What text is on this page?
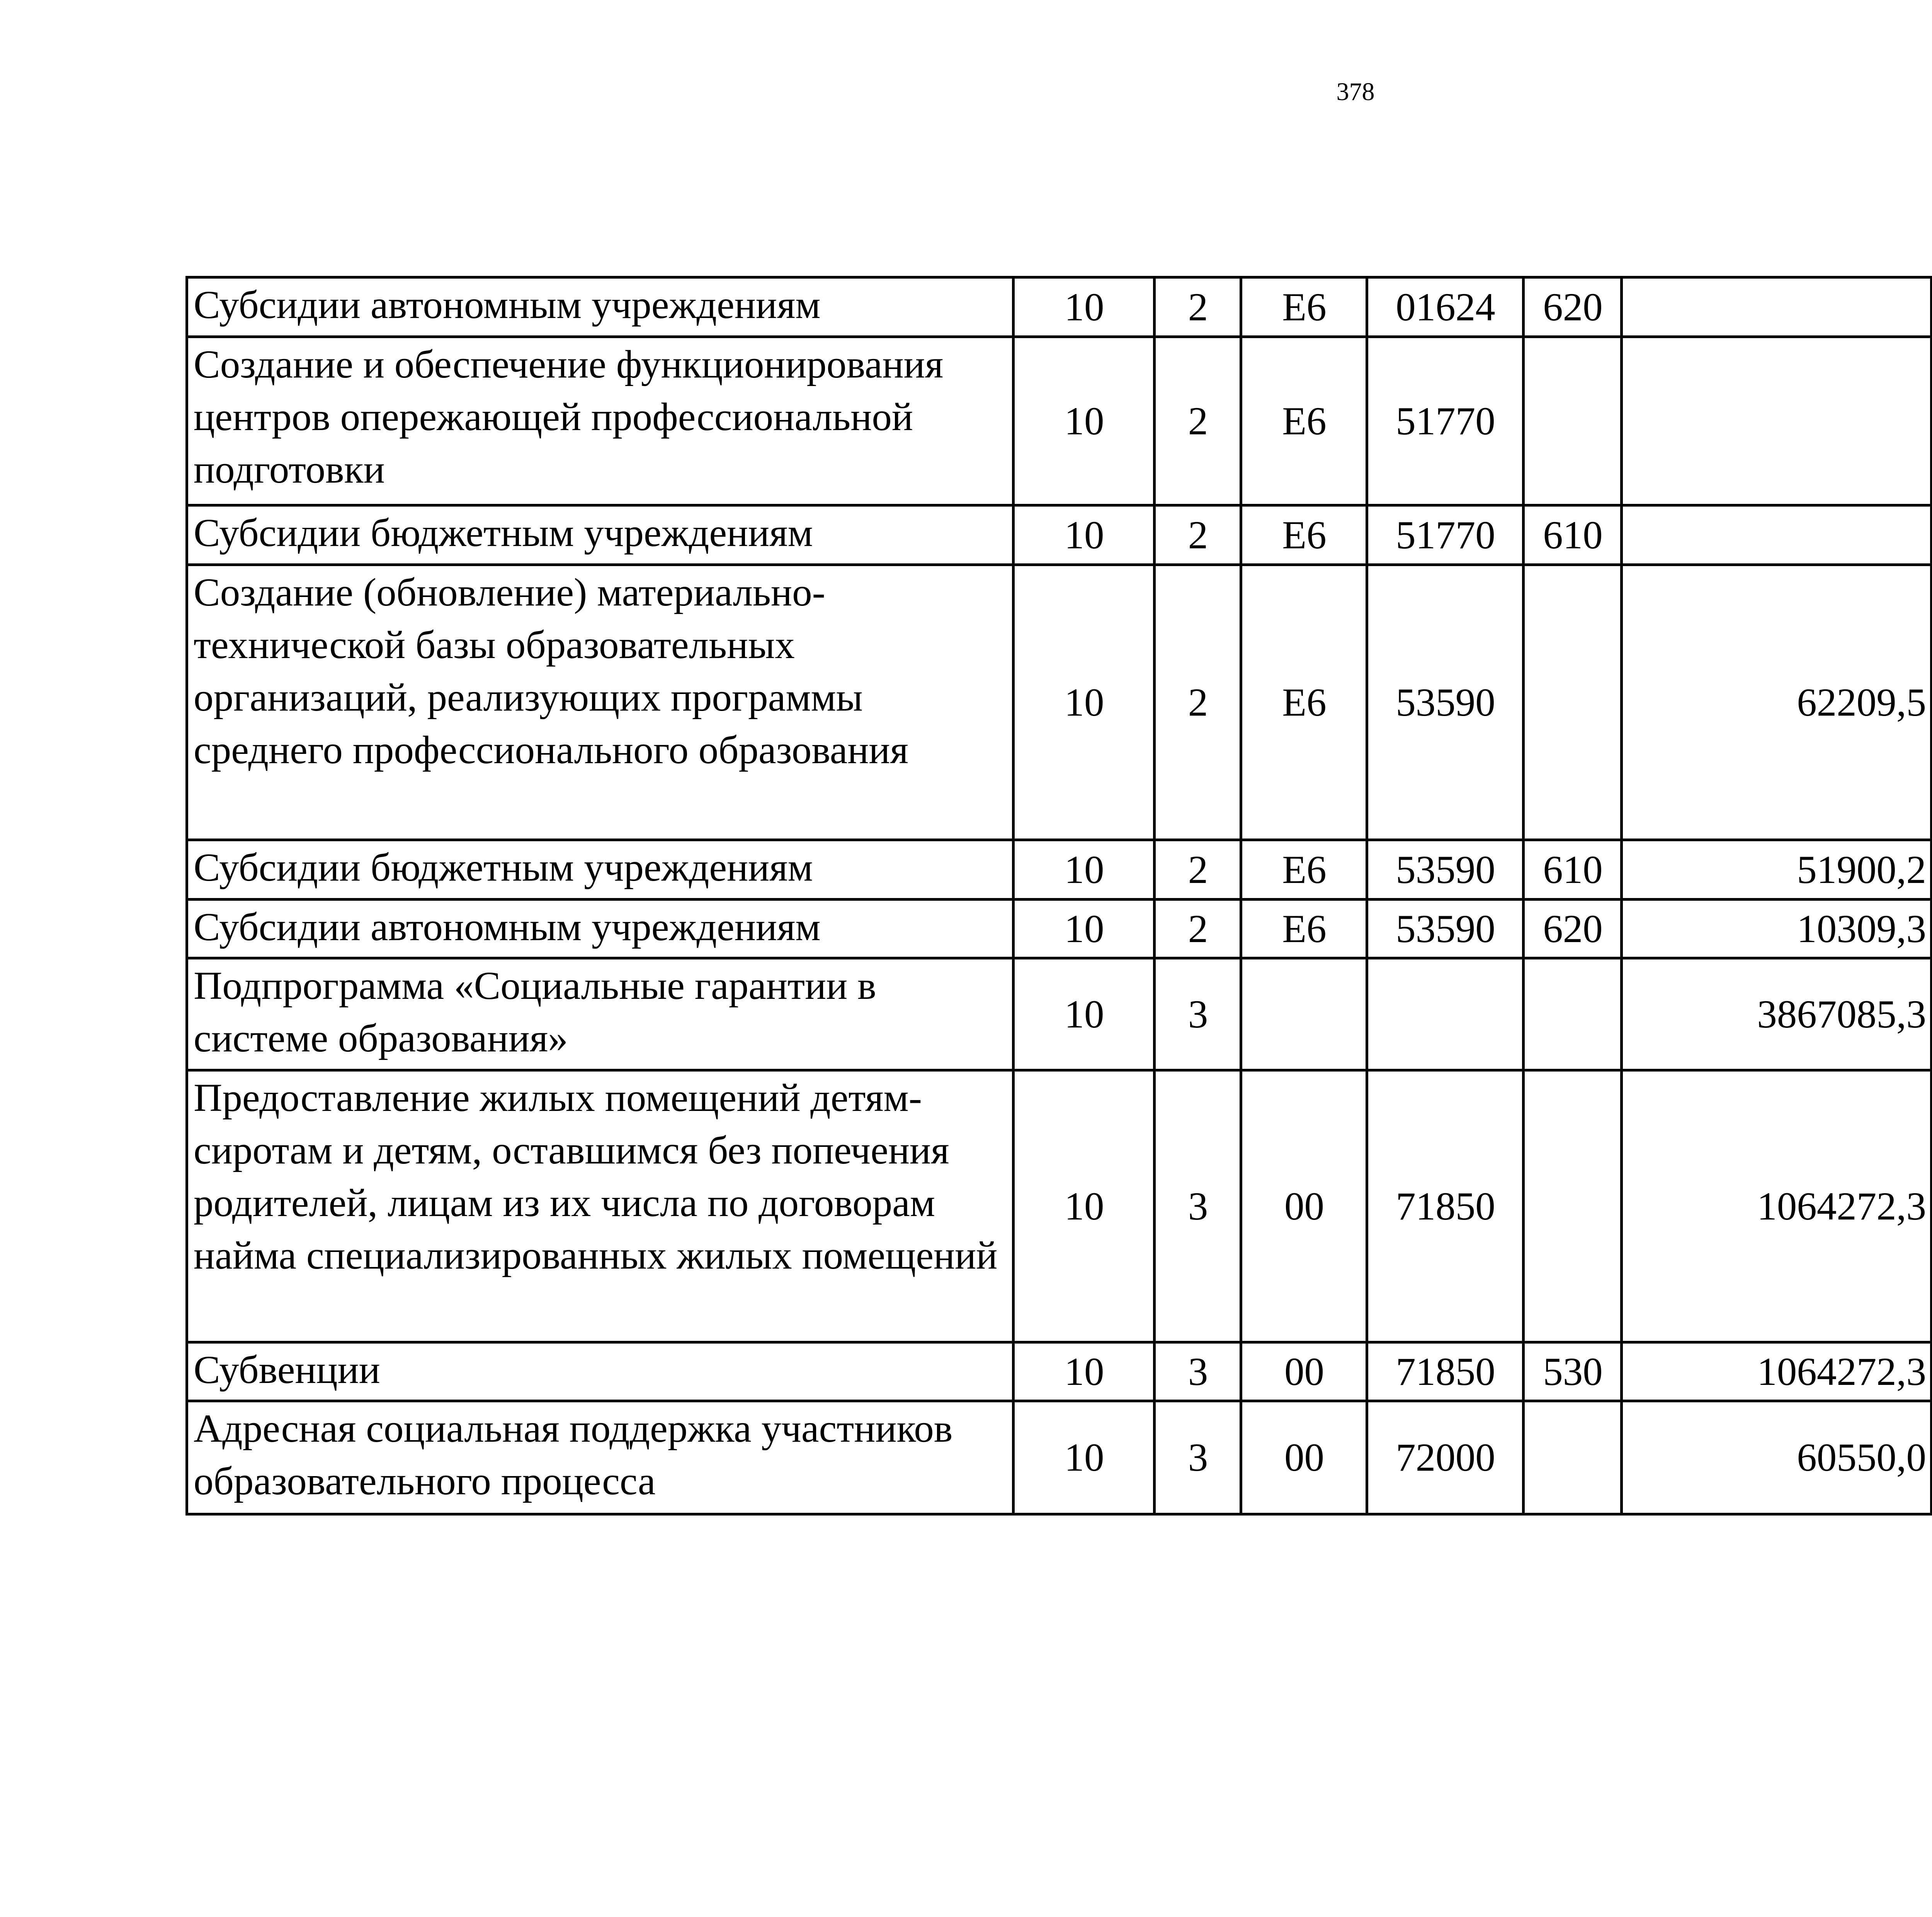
378
Субсидии автономным учреждениям	10	2	Е6	01624	620			
Создание и обеспечение функционирования центров опережающей профессиональной подготовки	10	2	Е6	51770				
Субсидии бюджетным учреждениям	10	2	Е6	51770	610			
Создание (обновление) материально-технической базы образовательных организаций, реализующих программы среднего профессионального образования	10	2	Е6	53590		62209,5		
Субсидии бюджетным учреждениям	10	2	Е6	53590	610	51900,2		
Субсидии автономным учреждениям	10	2	Е6	53590	620	10309,3		
Подпрограмма «Социальные гарантии в системе образования»	10	3				3867085,3		
Предоставление жилых помещений детям-сиротам и детям, оставшимся без попечения родителей, лицам из их числа по договорам найма специализированных жилых помещений	10	3	00	71850		1064272,3		
Субвенции	10	3	00	71850	530	1064272,3		
Адресная социальная поддержка участников образовательного процесса	10	3	00	72000		60550,0		
